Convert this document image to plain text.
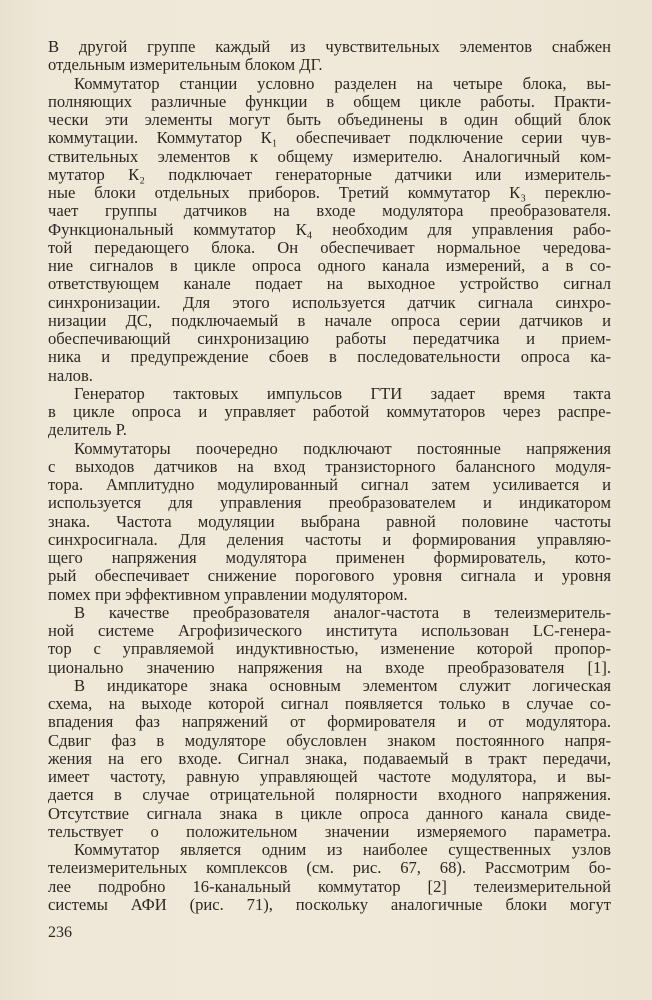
В другой группе каждый из чувствительных элементов снабжен
отдельным измерительным блоком ДГ.
Коммутатор станции условно разделен на четыре блока, вы-
полняющих различные функции в общем цикле работы. Практи-
чески эти элементы могут быть объединены в один общий блок
коммутации. Коммутатор К₁ обеспечивает подключение серии чув-
ствительных элементов к общему измерителю. Аналогичный ком-
мутатор К₂ подключает генераторные датчики или измеритель-
ные блоки отдельных приборов. Третий коммутатор К₃ переклю-
чает группы датчиков на входе модулятора преобразователя.
Функциональный коммутатор К₄ необходим для управления рабо-
той передающего блока. Он обеспечивает нормальное чередова-
ние сигналов в цикле опроса одного канала измерений, а в со-
ответствующем канале подает на выходное устройство сигнал
синхронизации. Для этого используется датчик сигнала синхро-
низации ДС, подключаемый в начале опроса серии датчиков и
обеспечивающий синхронизацию работы передатчика и прием-
ника и предупреждение сбоев в последовательности опроса ка-
налов.
Генератор тактовых импульсов ГТИ задает время такта
в цикле опроса и управляет работой коммутаторов через распре-
делитель Р.
Коммутаторы поочередно подключают постоянные напряжения
с выходов датчиков на вход транзисторного балансного модуля-
тора. Амплитудно модулированный сигнал затем усиливается и
используется для управления преобразователем и индикатором
знака. Частота модуляции выбрана равной половине частоты
синхросигнала. Для деления частоты и формирования управляю-
щего напряжения модулятора применен формирователь, кото-
рый обеспечивает снижение порогового уровня сигнала и уровня
помех при эффективном управлении модулятором.
В качестве преобразователя аналог-частота в телеизмеритель-
ной системе Агрофизического института использован LC-генера-
тор с управляемой индуктивностью, изменение которой пропор-
ционально значению напряжения на входе преобразователя [1].
В индикаторе знака основным элементом служит логическая
схема, на выходе которой сигнал появляется только в случае со-
впадения фаз напряжений от формирователя и от модулятора.
Сдвиг фаз в модуляторе обусловлен знаком постоянного напря-
жения на его входе. Сигнал знака, подаваемый в тракт передачи,
имеет частоту, равную управляющей частоте модулятора, и вы-
дается в случае отрицательной полярности входного напряжения.
Отсутствие сигнала знака в цикле опроса данного канала свиде-
тельствует о положительном значении измеряемого параметра.
Коммутатор является одним из наиболее существенных узлов
телеизмерительных комплексов (см. рис. 67, 68). Рассмотрим бо-
лее подробно 16-канальный коммутатор [2] телеизмерительной
системы АФИ (рис. 71), поскольку аналогичные блоки могут
236
